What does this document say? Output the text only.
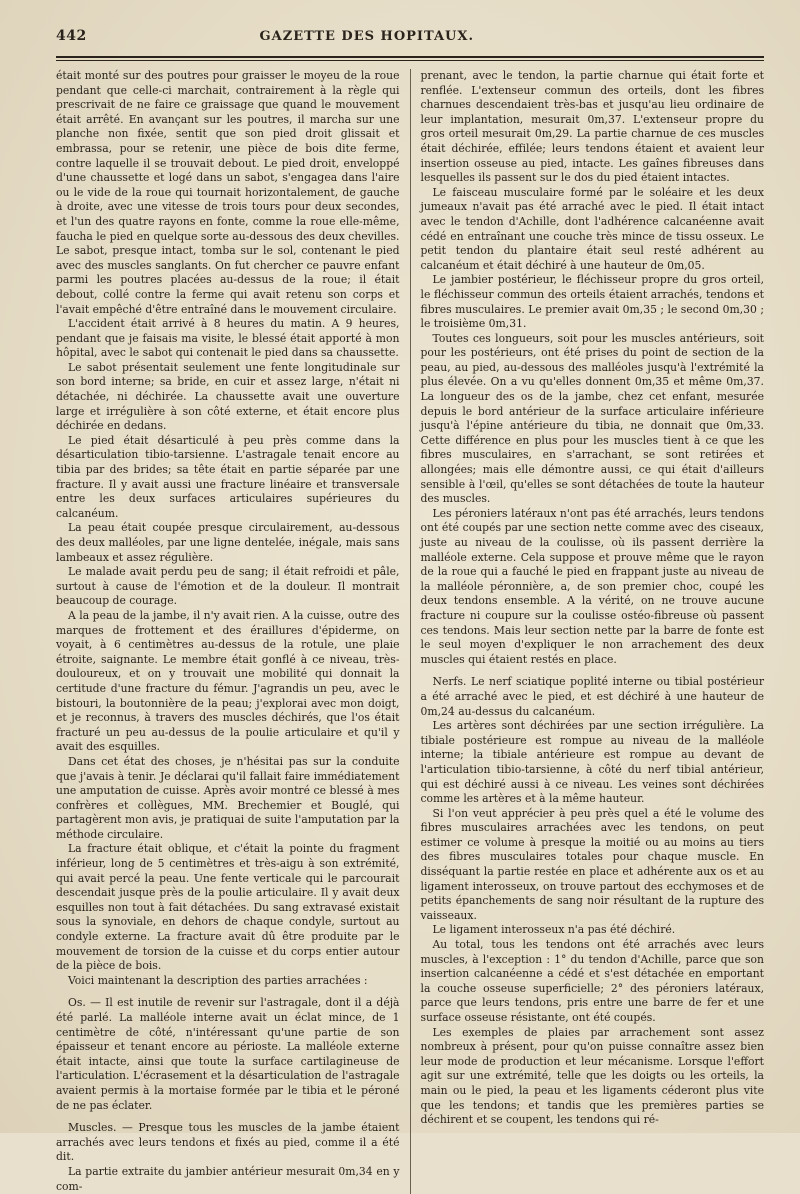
442	GAZETTE DES HOPITAUX.

était monté sur des poutres pour graisser le moyeu de la roue pendant que celle-ci marchait, contrairement à la règle qui prescrivait de ne faire ce graissage que quand le mouvement était arrêté. En avançant sur les poutres, il marcha sur une planche non fixée, sentit que son pied droit glissait et embrassa, pour se retenir, une pièce de bois dite ferme, contre laquelle il se trouvait debout. Le pied droit, enveloppé d'une chaussette et logé dans un sabot, s'engagea dans l'aire ou le vide de la roue qui tournait horizontalement, de gauche à droite, avec une vitesse de trois tours pour deux secondes, et l'un des quatre rayons en fonte, comme la roue elle-même, faucha le pied en quelque sorte au-dessous des deux chevilles. Le sabot, presque intact, tomba sur le sol, contenant le pied avec des muscles sanglants. On fut chercher ce pauvre enfant parmi les poutres placées au-dessus de la roue; il était debout, collé contre la ferme qui avait retenu son corps et l'avait empêché d'être entraîné dans le mouvement circulaire.

L'accident était arrivé à 8 heures du matin. A 9 heures, pendant que je faisais ma visite, le blessé était apporté à mon hôpital, avec le sabot qui contenait le pied dans sa chaussette.

Le sabot présentait seulement une fente longitudinale sur son bord interne; sa bride, en cuir et assez large, n'était ni détachée, ni déchirée. La chaussette avait une ouverture large et irrégulière à son côté externe, et était encore plus déchirée en dedans.

Le pied était désarticulé à peu près comme dans la désarticulation tibio-tarsienne. L'astragale tenait encore au tibia par des brides; sa tête était en partie séparée par une fracture. Il y avait aussi une fracture linéaire et transversale entre les deux surfaces articulaires supérieures du calcanéum.

La peau était coupée presque circulairement, au-dessous des deux malléoles, par une ligne dentelée, inégale, mais sans lambeaux et assez régulière.

Le malade avait perdu peu de sang; il était refroidi et pâle, surtout à cause de l'émotion et de la douleur. Il montrait beaucoup de courage.

A la peau de la jambe, il n'y avait rien. A la cuisse, outre des marques de frottement et des éraillures d'épiderme, on voyait, à 6 centimètres au-dessus de la rotule, une plaie étroite, saignante. Le membre était gonflé à ce niveau, très-douloureux, et on y trouvait une mobilité qui donnait la certitude d'une fracture du fémur. J'agrandis un peu, avec le bistouri, la boutonnière de la peau; j'explorai avec mon doigt, et je reconnus, à travers des muscles déchirés, que l'os était fracturé un peu au-dessus de la poulie articulaire et qu'il y avait des esquilles.

Dans cet état des choses, je n'hésitai pas sur la conduite que j'avais à tenir. Je déclarai qu'il fallait faire immédiatement une amputation de cuisse. Après avoir montré ce blessé à mes confrères et collègues, MM. Brechemier et Bouglé, qui partagèrent mon avis, je pratiquai de suite l'amputation par la méthode circulaire.

La fracture était oblique, et c'était la pointe du fragment inférieur, long de 5 centimètres et très-aigu à son extrémité, qui avait percé la peau. Une fente verticale qui le parcourait descendait jusque près de la poulie articulaire. Il y avait deux esquilles non tout à fait détachées. Du sang extravasé existait sous la synoviale, en dehors de chaque condyle, surtout au condyle externe. La fracture avait dû être produite par le mouvement de torsion de la cuisse et du corps entier autour de la pièce de bois.

Voici maintenant la description des parties arrachées :

Os. — Il est inutile de revenir sur l'astragale, dont il a déjà été parlé. La malléole interne avait un éclat mince, de 1 centimètre de côté, n'intéressant qu'une partie de son épaisseur et tenant encore au périoste. La malléole externe était intacte, ainsi que toute la surface cartilagineuse de l'articulation. L'écrasement et la désarticulation de l'astragale avaient permis à la mortaise formée par le tibia et le péroné de ne pas éclater.

Muscles. — Presque tous les muscles de la jambe étaient arrachés avec leurs tendons et fixés au pied, comme il a été dit.

La partie extraite du jambier antérieur mesurait 0m,34 en y com-

prenant, avec le tendon, la partie charnue qui était forte et renflée. L'extenseur commun des orteils, dont les fibres charnues descendaient très-bas et jusqu'au lieu ordinaire de leur implantation, mesurait 0m,37. L'extenseur propre du gros orteil mesurait 0m,29. La partie charnue de ces muscles était déchirée, effilée; leurs tendons étaient et avaient leur insertion osseuse au pied, intacte. Les gaînes fibreuses dans lesquelles ils passent sur le dos du pied étaient intactes.

Le faisceau musculaire formé par le soléaire et les deux jumeaux n'avait pas été arraché avec le pied. Il était intact avec le tendon d'Achille, dont l'adhérence calcanéenne avait cédé en entraînant une couche très mince de tissu osseux. Le petit tendon du plantaire était seul resté adhérent au calcanéum et était déchiré à une hauteur de 0m,05.

Le jambier postérieur, le fléchisseur propre du gros orteil, le fléchisseur commun des orteils étaient arrachés, tendons et fibres musculaires. Le premier avait 0m,35 ; le second 0m,30 ; le troisième 0m,31.

Toutes ces longueurs, soit pour les muscles antérieurs, soit pour les postérieurs, ont été prises du point de section de la peau, au pied, au-dessous des malléoles jusqu'à l'extrémité la plus élevée. On a vu qu'elles donnent 0m,35 et même 0m,37. La longueur des os de la jambe, chez cet enfant, mesurée depuis le bord antérieur de la surface articulaire inférieure jusqu'à l'épine antérieure du tibia, ne donnait que 0m,33. Cette différence en plus pour les muscles tient à ce que les fibres musculaires, en s'arrachant, se sont retirées et allongées; mais elle démontre aussi, ce qui était d'ailleurs sensible à l'œil, qu'elles se sont détachées de toute la hauteur des muscles.

Les péroniers latéraux n'ont pas été arrachés, leurs tendons ont été coupés par une section nette comme avec des ciseaux, juste au niveau de la coulisse, où ils passent derrière la malléole externe. Cela suppose et prouve même que le rayon de la roue qui a fauché le pied en frappant juste au niveau de la malléole péronnière, a, de son premier choc, coupé les deux tendons ensemble. A la vérité, on ne trouve aucune fracture ni coupure sur la coulisse ostéo-fibreuse où passent ces tendons. Mais leur section nette par la barre de fonte est le seul moyen d'expliquer le non arrachement des deux muscles qui étaient restés en place.

Nerfs. Le nerf sciatique poplité interne ou tibial postérieur a été arraché avec le pied, et est déchiré à une hauteur de 0m,24 au-dessus du calcanéum.

Les artères sont déchirées par une section irrégulière. La tibiale postérieure est rompue au niveau de la malléole interne; la tibiale antérieure est rompue au devant de l'articulation tibio-tarsienne, à côté du nerf tibial antérieur, qui est déchiré aussi à ce niveau. Les veines sont déchirées comme les artères et à la même hauteur.

Si l'on veut apprécier à peu près quel a été le volume des fibres musculaires arrachées avec les tendons, on peut estimer ce volume à presque la moitié ou au moins au tiers des fibres musculaires totales pour chaque muscle. En disséquant la partie restée en place et adhérente aux os et au ligament interosseux, on trouve partout des ecchymoses et de petits épanchements de sang noir résultant de la rupture des vaisseaux.

Le ligament interosseux n'a pas été déchiré.

Au total, tous les tendons ont été arrachés avec leurs muscles, à l'exception : 1° du tendon d'Achille, parce que son insertion calcanéenne a cédé et s'est détachée en emportant la couche osseuse superficielle; 2° des péroniers latéraux, parce que leurs tendons, pris entre une barre de fer et une surface osseuse résistante, ont été coupés.

Les exemples de plaies par arrachement sont assez nombreux à présent, pour qu'on puisse connaître assez bien leur mode de production et leur mécanisme. Lorsque l'effort agit sur une extrémité, telle que les doigts ou les orteils, la main ou le pied, la peau et les ligaments céderont plus vite que les tendons; et tandis que les premières parties se déchirent et se coupent, les tendons qui ré-
